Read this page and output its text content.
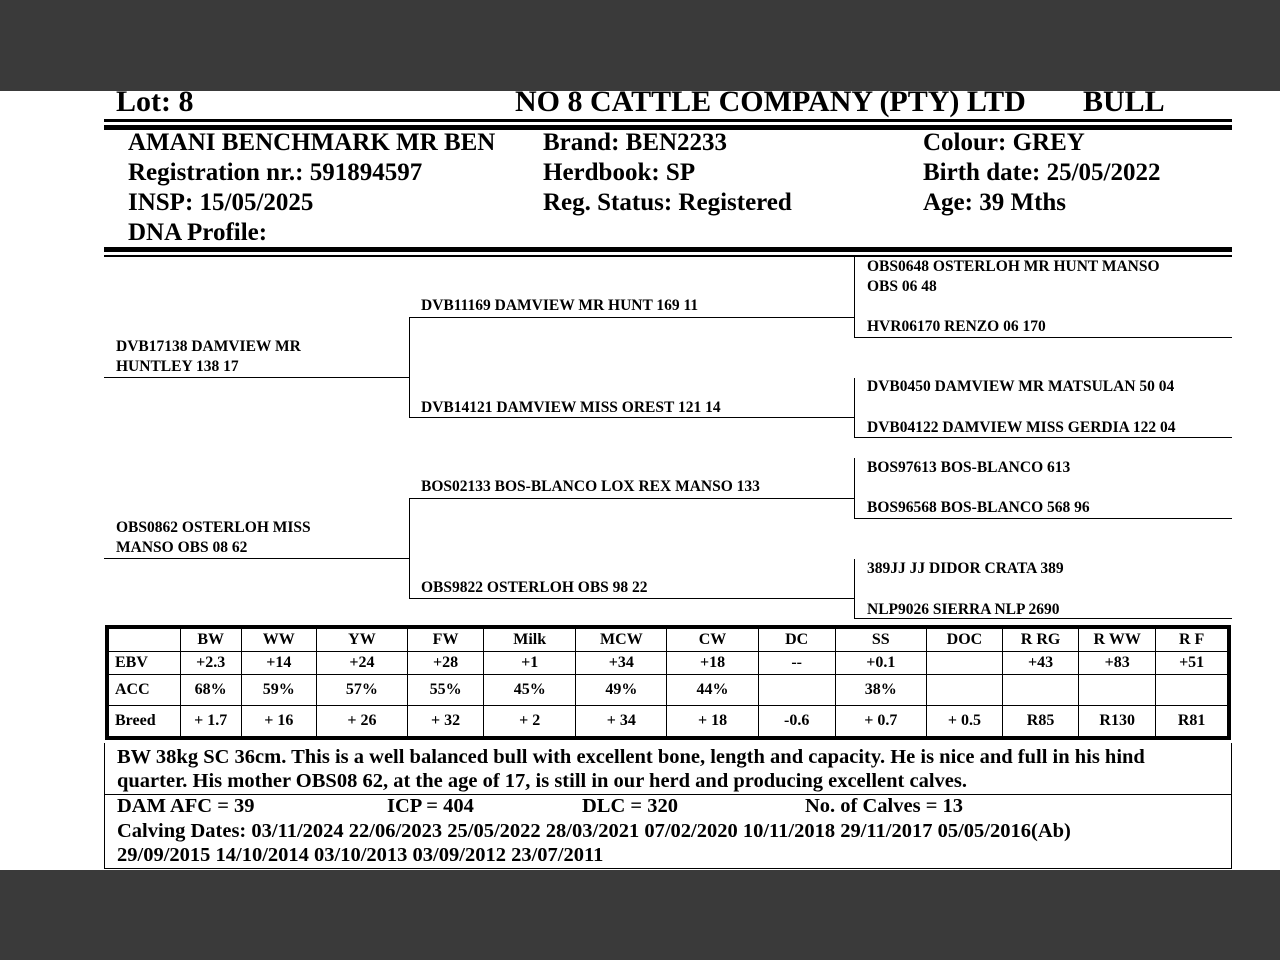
Lot: 8	NO 8 CATTLE COMPANY (PTY) LTD BULL
AMANI BENCHMARK MR BEN
Registration nr.: 591894597
INSP: 15/05/2025
DNA Profile:
Brand: BEN2233
Herdbook: SP
Reg. Status: Registered
Colour: GREY
Birth date: 25/05/2022
Age: 39 Mths
DVB17138 DAMVIEW MR
HUNTLEY 138 17
OBS0862 OSTERLOH MISS
MANSO OBS 08 62
DVB11169 DAMVIEW MR HUNT 169 11
DVB14121 DAMVIEW MISS OREST 121 14
BOS02133 BOS-BLANCO LOX REX MANSO 133
OBS9822 OSTERLOH OBS 98 22
OBS0648 OSTERLOH MR HUNT MANSO
OBS 06 48
HVR06170 RENZO 06 170
DVB0450 DAMVIEW MR MATSULAN 50 04
DVB04122 DAMVIEW MISS GERDIA 122 04
BOS97613 BOS-BLANCO 613
BOS96568 BOS-BLANCO 568 96
389JJ JJ DIDOR CRATA 389
NLP9026 SIERRA NLP 2690
	BW	WW	YW	FW	Milk	MCW	CW	DC	SS	DOC	R RG	R WW	R F
EBV	+2.3	+14	+24	+28	+1	+34	+18	--	+0.1		+43	+83	+51
ACC	68%	59%	57%	55%	45%	49%	44%		38%				
Breed	+ 1.7	+ 16	+ 26	+ 32	+ 2	+ 34	+ 18	-0.6	+ 0.7	+ 0.5	R85	R130	R81
BW 38kg SC 36cm. This is a well balanced bull with excellent bone, length and capacity. He is nice and full in his hind quarter. His mother OBS08 62, at the age of 17, is still in our herd and producing excellent calves.
DAM AFC = 39	ICP = 404	DLC = 320	No. of Calves = 13
Calving Dates: 03/11/2024 22/06/2023 25/05/2022 28/03/2021 07/02/2020 10/11/2018 29/11/2017 05/05/2016(Ab)
29/09/2015 14/10/2014 03/10/2013 03/09/2012 23/07/2011
